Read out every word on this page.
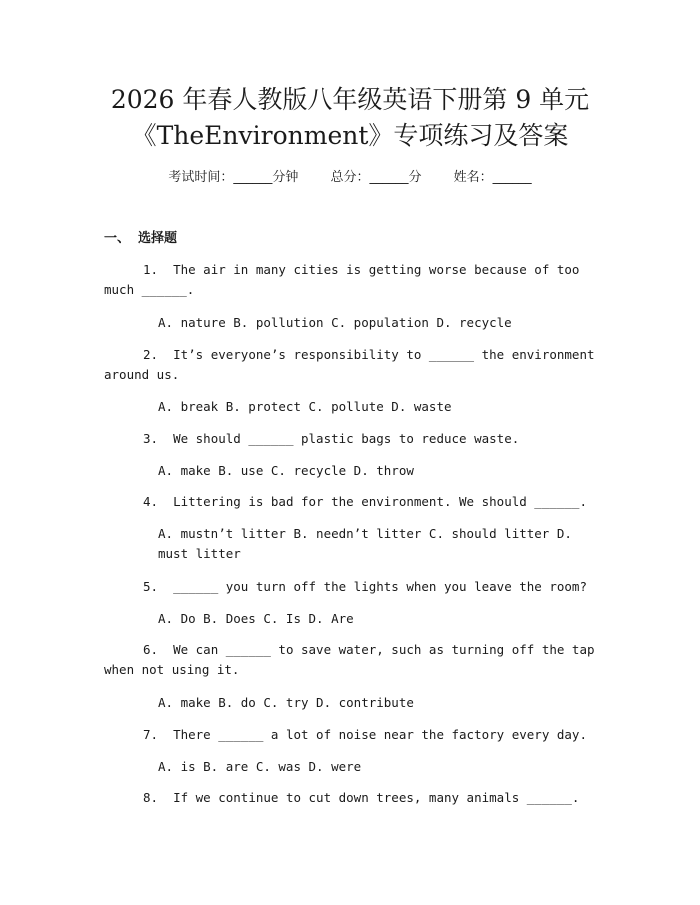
2026 年春人教版八年级英语下册第 9 单元
《TheEnvironment》专项练习及答案
考试时间：______分钟 总分：______分 姓名：______
一、 选择题
1. The air in many cities is getting worse because of too much ______.
A. nature B. pollution C. population D. recycle
2. It’s everyone’s responsibility to ______ the environment around us.
A. break B. protect C. pollute D. waste
3. We should ______ plastic bags to reduce waste.
A. make B. use C. recycle D. throw
4. Littering is bad for the environment. We should ______.
A. mustn’t litter B. needn’t litter C. should litter D. must litter
5. ______ you turn off the lights when you leave the room?
A. Do B. Does C. Is D. Are
6. We can ______ to save water, such as turning off the tap when not using it.
A. make B. do C. try D. contribute
7. There ______ a lot of noise near the factory every day.
A. is B. are C. was D. were
8. If we continue to cut down trees, many animals ______.
